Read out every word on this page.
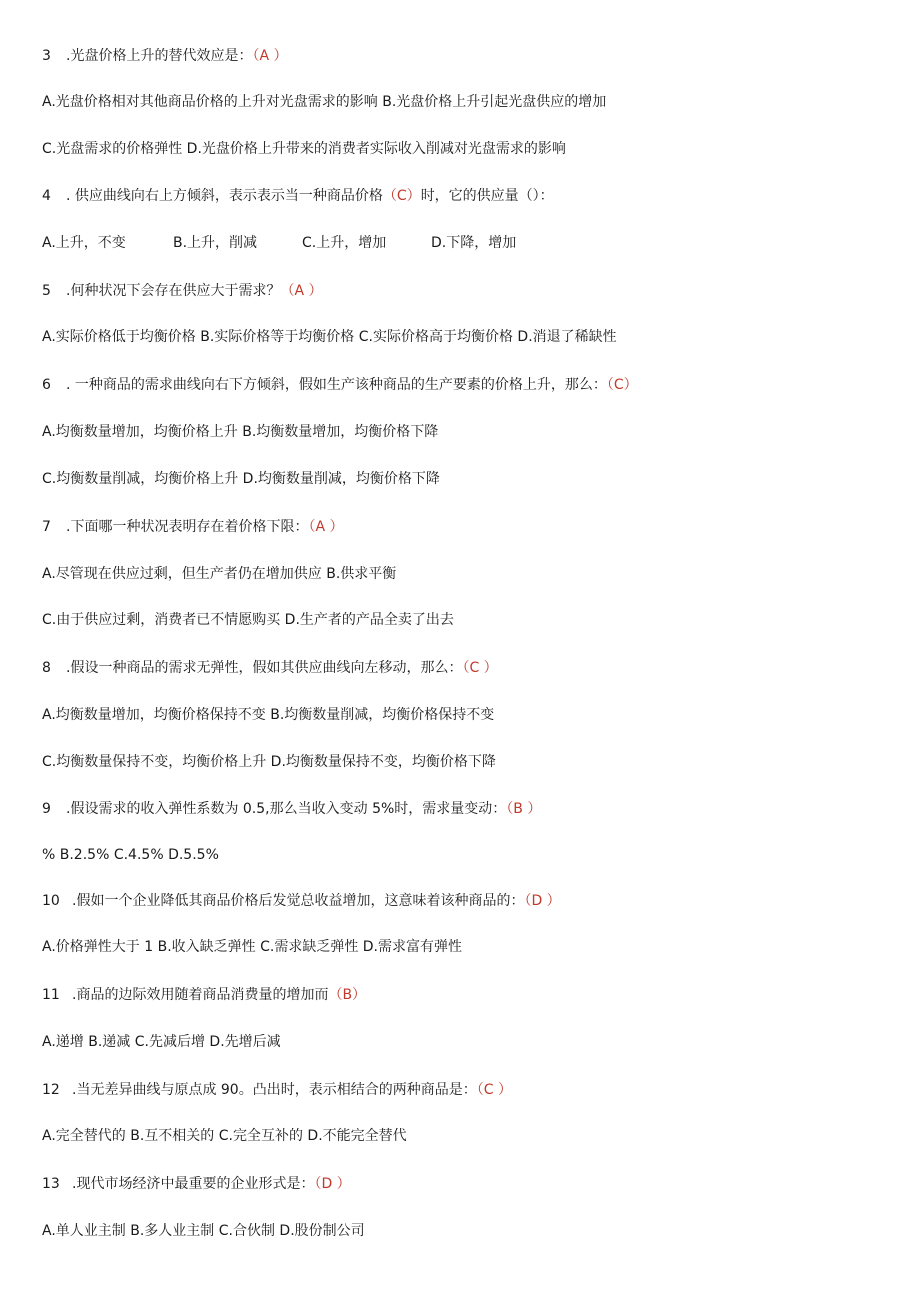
3 .光盘价格上升的替代效应是：（A ）
A.光盘价格相对其他商品价格的上升对光盘需求的影响 B.光盘价格上升引起光盘供应的增加
C.光盘需求的价格弹性 D.光盘价格上升带来的消费者实际收入削减对光盘需求的影响
4 . 供应曲线向右上方倾斜，表示表示当一种商品价格（C）时，它的供应量（）：
A.上升，不变	B.上升，削减	C.上升，增加	D.下降，增加
5 .何种状况下会存在供应大于需求？（A ）
A.实际价格低于均衡价格 B.实际价格等于均衡价格 C.实际价格高于均衡价格 D.消退了稀缺性
6 . 一种商品的需求曲线向右下方倾斜，假如生产该种商品的生产要素的价格上升，那么：（C）
A.均衡数量增加，均衡价格上升 B.均衡数量增加，均衡价格下降
C.均衡数量削减，均衡价格上升 D.均衡数量削减，均衡价格下降
7 .下面哪一种状况表明存在着价格下限：（A ）
A.尽管现在供应过剩，但生产者仍在增加供应 B.供求平衡
C.由于供应过剩，消费者已不情愿购买 D.生产者的产品全卖了出去
8 .假设一种商品的需求无弹性，假如其供应曲线向左移动，那么：（C ）
A.均衡数量增加，均衡价格保持不变 B.均衡数量削减，均衡价格保持不变
C.均衡数量保持不变，均衡价格上升 D.均衡数量保持不变，均衡价格下降
9 .假设需求的收入弹性系数为 0.5,那么当收入变动 5%时，需求量变动：（B ）
% B.2.5% C.4.5% D.5.5%
10 .假如一个企业降低其商品价格后发觉总收益增加，这意味着该种商品的：（D ）
A.价格弹性大于 1 B.收入缺乏弹性 C.需求缺乏弹性 D.需求富有弹性
11 .商品的边际效用随着商品消费量的增加而（B）
A.递增 B.递减 C.先减后增 D.先增后减
12 .当无差异曲线与原点成 90。凸出时，表示相结合的两种商品是：（C ）
A.完全替代的 B.互不相关的 C.完全互补的 D.不能完全替代
13 .现代市场经济中最重要的企业形式是：（D ）
A.单人业主制 B.多人业主制 C.合伙制 D.股份制公司
